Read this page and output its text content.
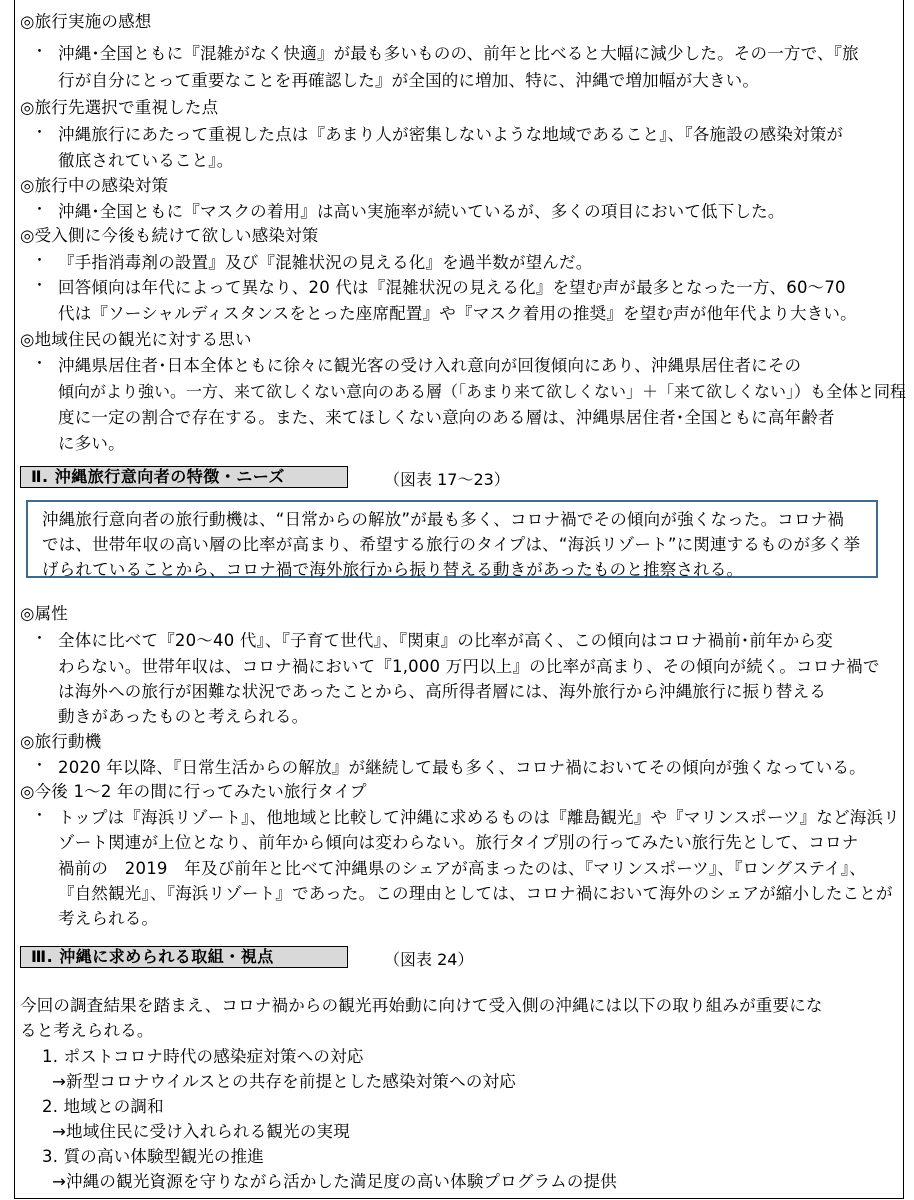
◎旅行実施の感想
・ 沖縄･全国ともに『混雑がなく快適』が最も多いものの、前年と比べると大幅に減少した。その一方で、『旅
行が自分にとって重要なことを再確認した』が全国的に増加、特に、沖縄で増加幅が大きい。
◎旅行先選択で重視した点
・ 沖縄旅行にあたって重視した点は『あまり人が密集しないような地域であること』、『各施設の感染対策が
徹底されていること』。
◎旅行中の感染対策
・ 沖縄･全国ともに『マスクの着用』は高い実施率が続いているが、多くの項目において低下した。
◎受入側に今後も続けて欲しい感染対策
・ 『手指消毒剤の設置』及び『混雑状況の見える化』を過半数が望んだ。
・ 回答傾向は年代によって異なり、20 代は『混雑状況の見える化』を望む声が最多となった一方、60～70
代は『ソーシャルディスタンスをとった座席配置』や『マスク着用の推奨』を望む声が他年代より大きい。
◎地域住民の観光に対する思い
・ 沖縄県居住者･日本全体ともに徐々に観光客の受け入れ意向が回復傾向にあり、沖縄県居住者にその
傾向がより強い。一方、来て欲しくない意向のある層（「あまり来て欲しくない」＋「来て欲しくない」）も全体と同程
度に一定の割合で存在する。また、来てほしくない意向のある層は、沖縄県居住者･全国ともに高年齢者
に多い。
Ⅱ. 沖縄旅行意向者の特徴・ニーズ	（図表 17～23）
沖縄旅行意向者の旅行動機は、“日常からの解放”が最も多く、コロナ禍でその傾向が強くなった。コロナ禍
では、世帯年収の高い層の比率が高まり、希望する旅行のタイプは、“海浜リゾート”に関連するものが多く挙
げられていることから、コロナ禍で海外旅行から振り替える動きがあったものと推察される。
◎属性
・ 全体に比べて『20～40 代』、『子育て世代』、『関東』の比率が高く、この傾向はコロナ禍前･前年から変
わらない。世帯年収は、コロナ禍において『1,000 万円以上』の比率が高まり、その傾向が続く。コロナ禍で
は海外への旅行が困難な状況であったことから、高所得者層には、海外旅行から沖縄旅行に振り替える
動きがあったものと考えられる。
◎旅行動機
・ 2020 年以降、『日常生活からの解放』が継続して最も多く、コロナ禍においてその傾向が強くなっている。
◎今後 1～2 年の間に行ってみたい旅行タイプ
・ トップは『海浜リゾート』、他地域と比較して沖縄に求めるものは『離島観光』や『マリンスポーツ』など海浜リ
ゾート関連が上位となり、前年から傾向は変わらない。旅行タイプ別の行ってみたい旅行先として、コロナ
禍前の　2019　年及び前年と比べて沖縄県のシェアが高まったのは、『マリンスポーツ』、『ロングステイ』、
『自然観光』、『海浜リゾート』であった。この理由としては、コロナ禍において海外のシェアが縮小したことが
考えられる。
Ⅲ. 沖縄に求められる取組・視点	（図表 24）
今回の調査結果を踏まえ、コロナ禍からの観光再始動に向けて受入側の沖縄には以下の取り組みが重要にな
ると考えられる。
1. ポストコロナ時代の感染症対策への対応
→新型コロナウイルスとの共存を前提とした感染対策への対応
2. 地域との調和
→地域住民に受け入れられる観光の実現
3. 質の高い体験型観光の推進
→沖縄の観光資源を守りながら活かした満足度の高い体験プログラムの提供
